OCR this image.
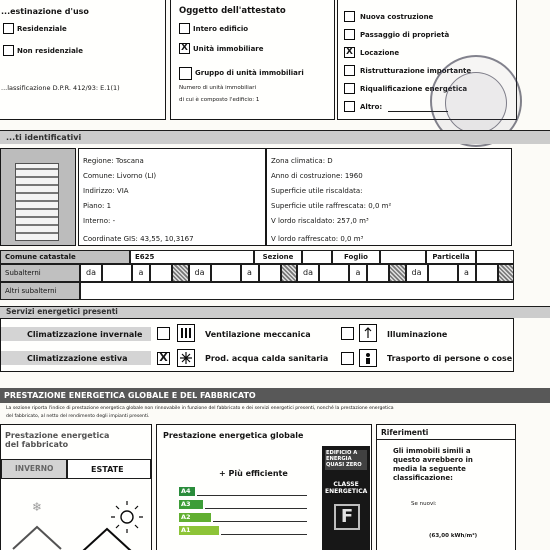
...estinazione d'uso
Residenziale
Non residenziale
...lassificazione D.P.R. 412/93: E.1(1)
Oggetto dell'attestato
Intero edificio
X Unità immobiliare
Gruppo di unità immobiliari
Numero di unità immobiliari
di cui è composto l'edificio: 1
Nuova costruzione
Passaggio di proprietà
X Locazione
Ristrutturazione importante
Riqualificazione energetica
Altro:
...ti identificativi
Regione: Toscana
Comune: Livorno (LI)
Indirizzo: VIA
Piano: 1
Interno: -
Coordinate GIS: 43,55, 10,3167
Zona climatica: D
Anno di costruzione: 1960
Superficie utile riscaldata:
Superficie utile raffrescata: 0,0 m²
V lordo riscaldato: 257,0 m³
V lordo raffrescato: 0,0 m³
Comune catastale	E625	Sezione	Foglio	Particella
Subalterni	da	a	da	a	da	a	da	a
Altri subalterni
Servizi energetici presenti
Climatizzazione invernale
Climatizzazione estiva	X
Ventilazione meccanica
Prod. acqua calda sanitaria
Illuminazione
Trasporto di persone o cose
PRESTAZIONE ENERGETICA GLOBALE E DEL FABBRICATO
La sezione riporta l'indice di prestazione energetica globale non rinnovabile in funzione del fabbricato e dei servizi energetici presenti, nonché la prestazione energetica
del fabbricato, al netto del rendimento degli impianti presenti.
Prestazione energetica del fabbricato
INVERNO	ESTATE
❄
Prestazione energetica globale
+ Più efficiente
A4
A3
A2
A1
EDIFICIO A ENERGIA QUASI ZERO
CLASSE ENERGETICA
F
Riferimenti
Gli immobili simili a questo avrebbero in media la seguente classificazione:
Se nuovi:
(63,00 kWh/m²)
